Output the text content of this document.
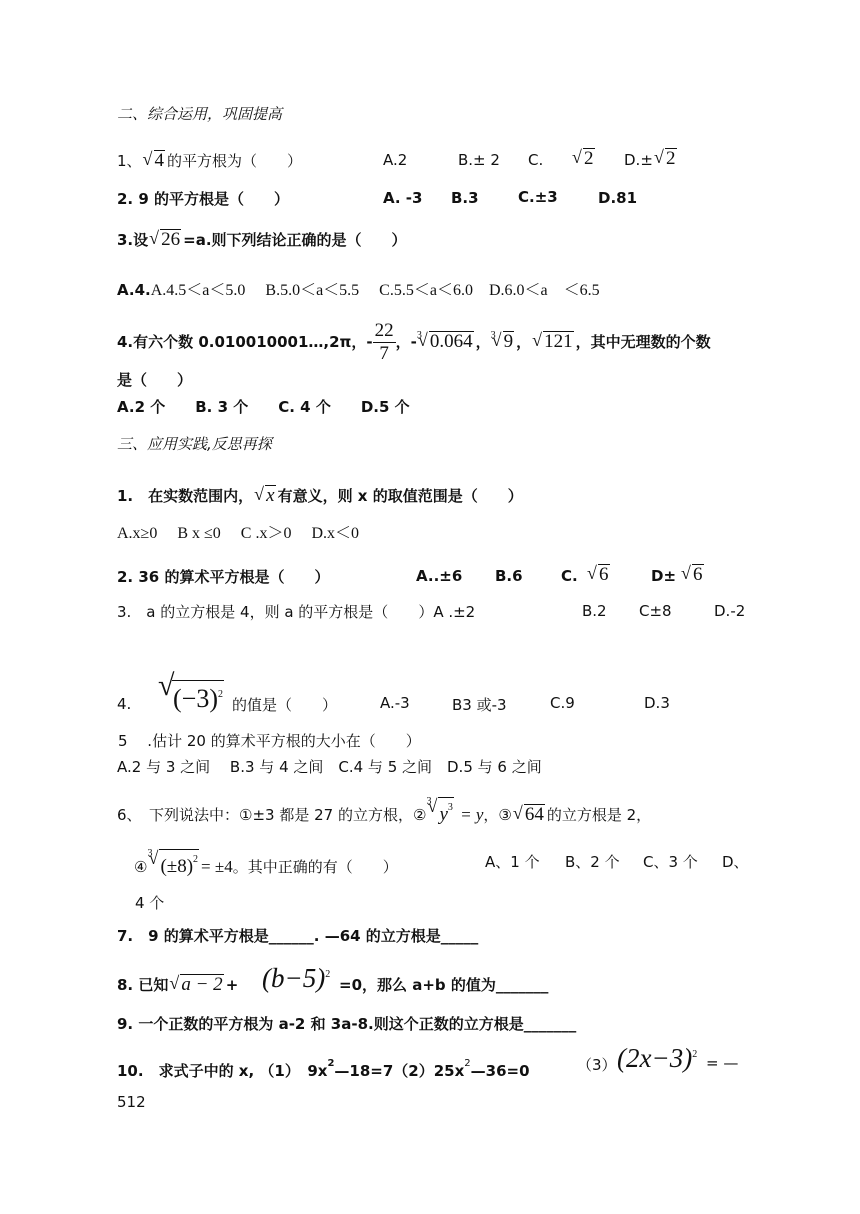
二、综合运用，巩固提高
1、 √ 4 的平方根为（　　）	A.2	B.± 2 C.	√ 2 D.± √ 2
2. 9 的平方根是（　　）	A. -3 B.3	C.±3	D.81
3.设 √ 26 =a.则下列结论正确的是（　　）
A.4.A.4.5＜a＜5.0　 B.5.0＜a＜5.5　 C.5.5＜a＜6.0　D.6.0＜a　＜6.5
4.有六个数 0.010010001…,2π，- $\frac{22}{7}$ ，- √ 3 0.064 ， √ 3 9 ， √ 121 ，其中无理数的个数
是（　　）
A.2 个　　B. 3 个　　C. 4 个　　D.5 个
三、应用实践,反思再探
1.　在实数范围内， √ x 有意义，则 x 的取值范围是（　　）
A.x≥0　 B x ≤0　 C .x＞0　 D.x＜0
2. 36 的算术平方根是（　　）	A..±6 B.6	C.	√ 6	D± √ 6
3.　a 的立方根是 4，则 a 的平方根是（　　）A .±2	B.2 C±8	D.-2
4.	√ $(-3)^2$
的值是（　　）	A.-3	B3 或-3	C.9	D.3
5　 .估计 20 的算术平方根的大小在（　　）
A.2 与 3 之间　 B.3 与 4 之间　C.4 与 5 之间　D.5 与 6 之间
6、　下列说法中：①±3 都是 27 的立方根，②
√ 3
$y^3 = y$，③ √ 64 的立方根是 2，
④
√ 3
$(\pm 8)^2 = \pm 4$。其中正确的有（　　）	A、1 个 B、2 个 C、3 个 D、
4 个
7.　9 的算术平方根是______. —64 的立方根是_____
8. 已知 √ $a - 2 + (b-5)^2$
=0，那么 a+b 的值为_______
9. 一个正数的平方根为 a-2 和 3a-8.则这个正数的立方根是_______
10.　求式子中的 x, （1）　$9x^2—18=7(2)25x^2—36=0$	（3） $(2x-3)^2$ = —
512
